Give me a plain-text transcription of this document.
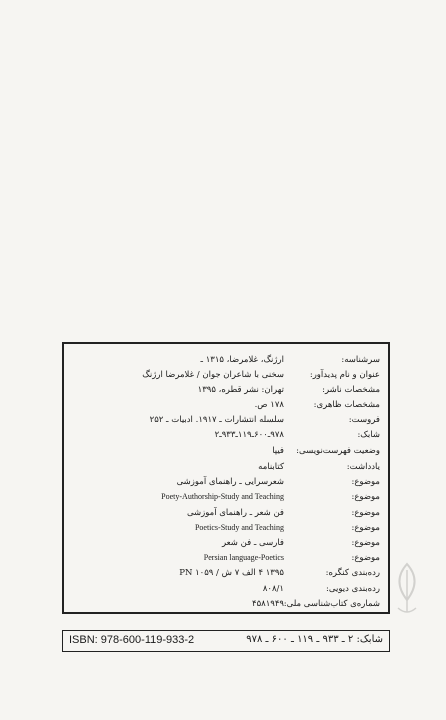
سرشناسه:
ارژنگ، غلامرضا، ۱۳۱۵ ـ
عنوان و نام پدیدآور:
سخنی با شاعران جوان / غلامرضا ارژنگ
مشخصات ناشر:
تهران: نشر قطره، ۱۳۹۵
مشخصات ظاهری:
۱۷۸ ص.
فروست:
سلسله انتشارات ـ ۱۹۱۷. ادبیات ـ ۲۵۲
شابک:
۹۷۸ـ۶۰۰ـ۱۱۹ـ۹۳۳ـ۲
وضعیت فهرست‌نویسی:
فیپا
یادداشت:
کتابنامه
موضوع:
شعرسرایی ـ راهنمای آموزشی
موضوع:
Poety-Authorship-Study and Teaching
موضوع:
فن شعر ـ راهنمای آموزشی
موضوع:
Poetics-Study and Teaching
موضوع:
فارسی ـ فن شعر
موضوع:
Persian language-Poetics
رده‌بندی کنگره:
۱۳۹۵ ۴ الف ۷ ش / PN ۱۰۵۹
رده‌بندی دیویی:
۸۰۸/۱
شماره‌ی کتاب‌شناسی ملی:
۴۵۸۱۹۴۹
ISBN: 978-600-119-933-2	شابک: ۲ ـ ۹۳۳ ـ ۱۱۹ ـ ۶۰۰ ـ ۹۷۸
